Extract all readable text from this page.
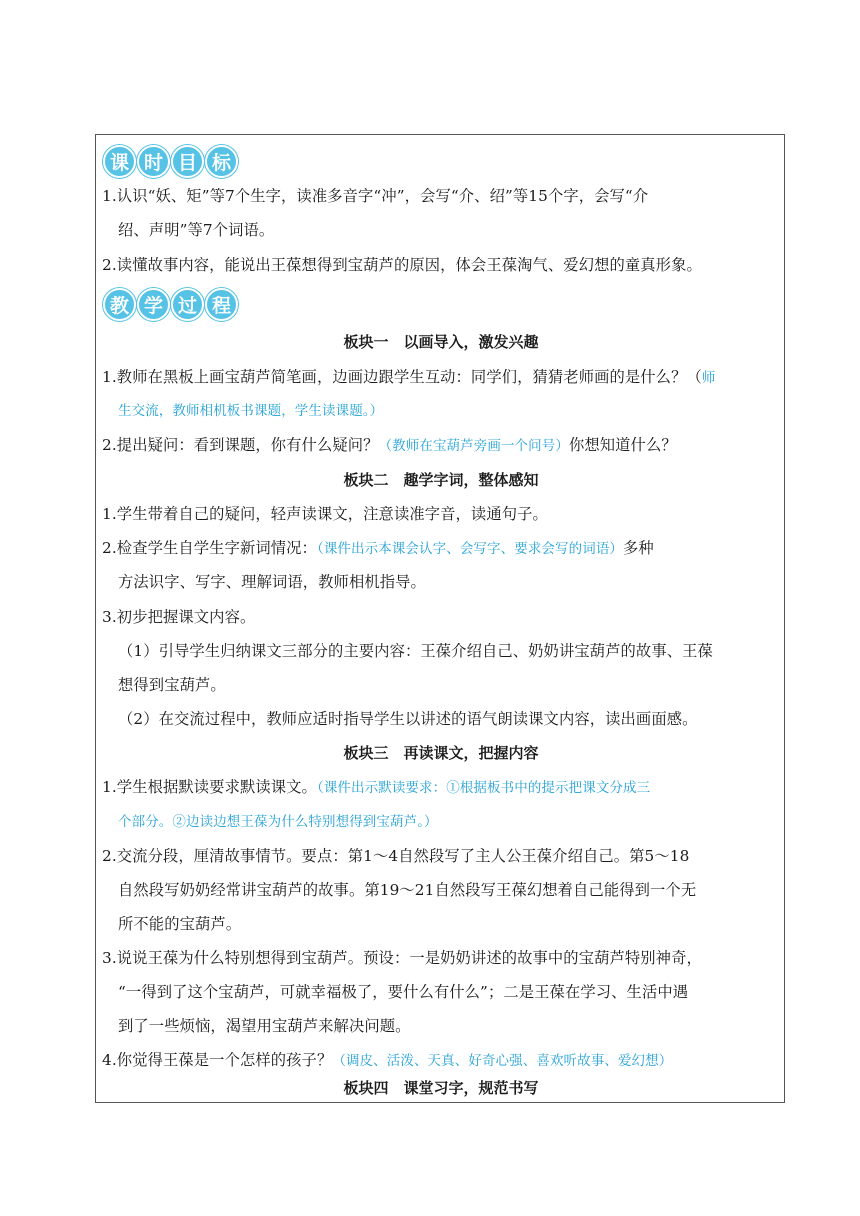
课 时 目 标
1.认识“妖、矩”等7个生字，读准多音字“冲”，会写“介、绍”等15个字，会写“介
绍、声明”等7个词语。
2.读懂故事内容，能说出王葆想得到宝葫芦的原因，体会王葆淘气、爱幻想的童真形象。
教 学 过 程
板块一　以画导入，激发兴趣
1.教师在黑板上画宝葫芦简笔画，边画边跟学生互动：同学们，猜猜老师画的是什么？（师
生交流，教师相机板书课题，学生读课题。）
2.提出疑问：看到课题，你有什么疑问？（教师在宝葫芦旁画一个问号）你想知道什么？
板块二　趣学字词，整体感知
1.学生带着自己的疑问，轻声读课文，注意读准字音，读通句子。
2.检查学生自学生字新词情况：（课件出示本课会认字、会写字、要求会写的词语）多种
方法识字、写字、理解词语，教师相机指导。
3.初步把握课文内容。
（1）引导学生归纳课文三部分的主要内容：王葆介绍自己、奶奶讲宝葫芦的故事、王葆
想得到宝葫芦。
（2）在交流过程中，教师应适时指导学生以讲述的语气朗读课文内容，读出画面感。
板块三　再读课文，把握内容
1.学生根据默读要求默读课文。（课件出示默读要求：①根据板书中的提示把课文分成三
个部分。②边读边想王葆为什么特别想得到宝葫芦。）
2.交流分段，厘清故事情节。要点：第1～4自然段写了主人公王葆介绍自己。第5～18
自然段写奶奶经常讲宝葫芦的故事。第19～21自然段写王葆幻想着自己能得到一个无
所不能的宝葫芦。
3.说说王葆为什么特别想得到宝葫芦。预设：一是奶奶讲述的故事中的宝葫芦特别神奇，
“一得到了这个宝葫芦，可就幸福极了，要什么有什么”；二是王葆在学习、生活中遇
到了一些烦恼，渴望用宝葫芦来解决问题。
4.你觉得王葆是一个怎样的孩子？（调皮、活泼、天真、好奇心强、喜欢听故事、爱幻想）
板块四　课堂习字，规范书写
